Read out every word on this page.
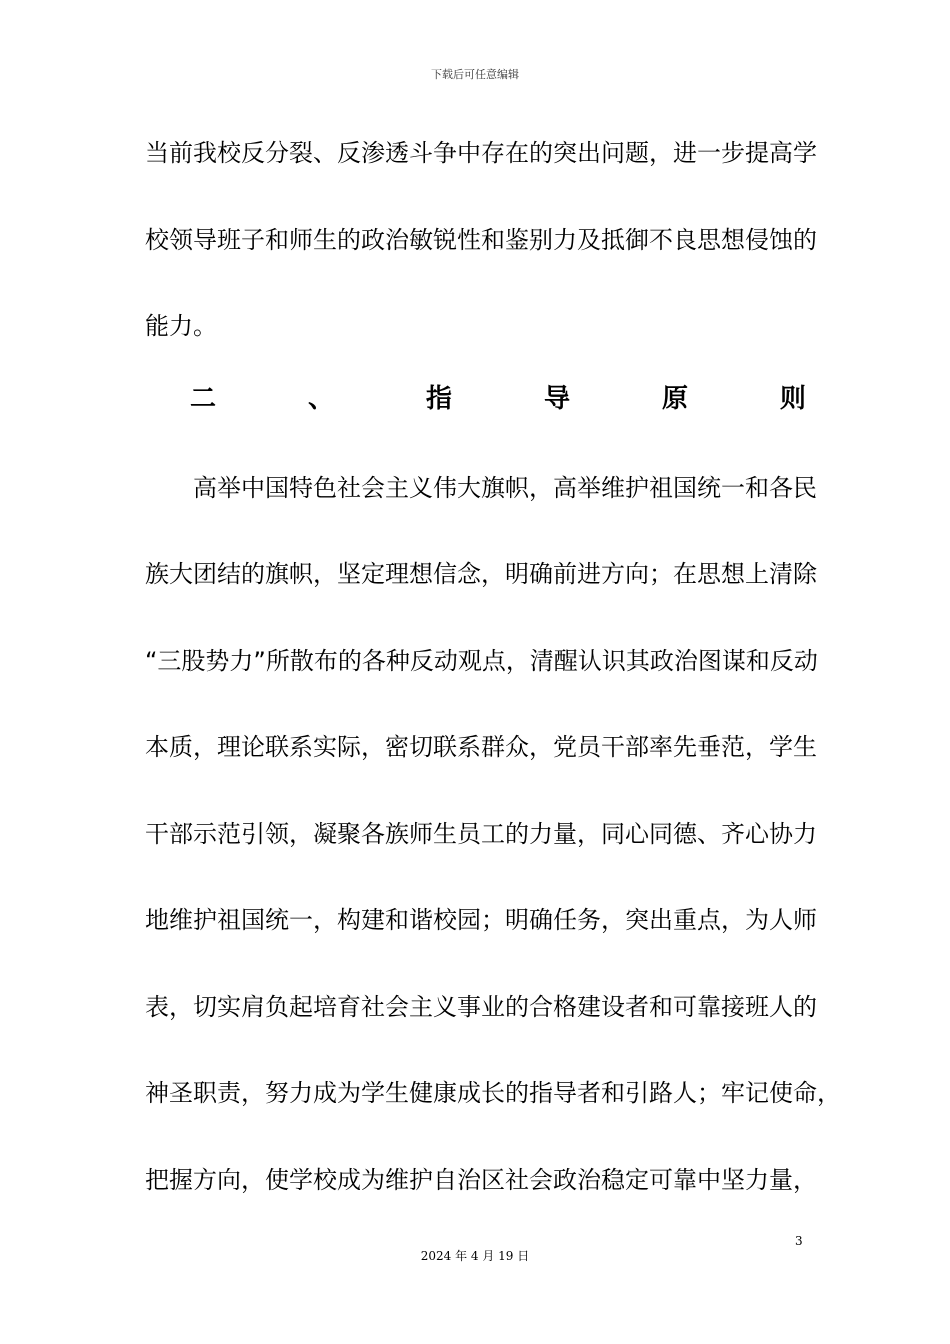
下载后可任意编辑
当前我校反分裂、反渗透斗争中存在的突出问题，进一步提高学
校领导班子和师生的政治敏锐性和鉴别力及抵御不良思想侵蚀的
能力。
二	、	指	导	原	则
高举中国特色社会主义伟大旗帜，高举维护祖国统一和各民
族大团结的旗帜，坚定理想信念，明确前进方向；在思想上清除
“三股势力”所散布的各种反动观点，清醒认识其政治图谋和反动
本质，理论联系实际，密切联系群众，党员干部率先垂范，学生
干部示范引领，凝聚各族师生员工的力量，同心同德、齐心协力
地维护祖国统一，构建和谐校园；明确任务，突出重点，为人师
表，切实肩负起培育社会主义事业的合格建设者和可靠接班人的
神圣职责，努力成为学生健康成长的指导者和引路人；牢记使命，
把握方向，使学校成为维护自治区社会政治稳定可靠中坚力量，
3
2024 年 4 月 19 日
